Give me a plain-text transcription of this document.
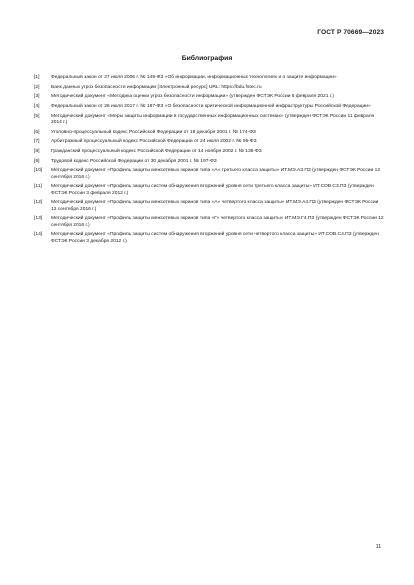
ГОСТ Р 70669—2023
Библиография
[1]	Федеральный закон от 27 июля 2006 г. № 149-ФЗ «Об информации, информационных технологиях и о защите информации»
[2]	Банк данных угроз безопасности информации [Электронный ресурс] URL: https://bdu.fstec.ru
[3]	Методический документ «Методика оценки угроз безопасности информации» (утвержден ФСТЭК России 5 февраля 2021 г.)
[4]	Федеральный закон от 26 июля 2017 г. № 187-ФЗ «О безопасности критической информационной инфраструктуры Российской Федерации»
[5]	Методический документ «Меры защиты информации в государственных информационных системах» (утвержден ФСТЭК России 11 февраля 2014 г.)
[6]	Уголовно-процессуальный кодекс Российской Федерации от 18 декабря 2001 г. № 174-ФЗ
[7]	Арбитражный процессуальный кодекс Российской Федерации от 24 июля 2002 г. № 95-ФЗ
[8]	Гражданский процессуальный кодекс Российской Федерации от 14 ноября 2002 г. № 138-ФЗ
[9]	Трудовой кодекс Российской Федерации от 30 декабря 2001 г. № 197-ФЗ
[10]	Методический документ «Профиль защиты межсетевых экранов типа «А» третьего класса защиты» ИТ.МЭ.А3.ПЗ (утвержден ФСТЭК России 12 сентября 2016 г.)
[11]	Методический документ «Профиль защиты систем обнаружения вторжений уровня сети третьего класса защиты» ИТ.СОВ.С3.ПЗ (утвержден ФСТЭК России 3 февраля 2012 г.)
[12]	Методический документ «Профиль защиты межсетевых экранов типа «А» четвертого класса защиты» ИТ.МЭ.А4.ПЗ (утвержден ФСТЭК России 12 сентября 2016 г.)
[13]	Методический документ «Профиль защиты межсетевых экранов типа «Г» четвертого класса защиты» ИТ.МЭ.Г4.ПЗ (утвержден ФСТЭК России 12 сентября 2016 г.)
[14]	Методический документ «Профиль защиты систем обнаружения вторжений уровня сети четвертого класса защиты» ИТ.СОВ.С4.ПЗ (утвержден ФСТЭК России 3 декабря 2012 г.)
11
